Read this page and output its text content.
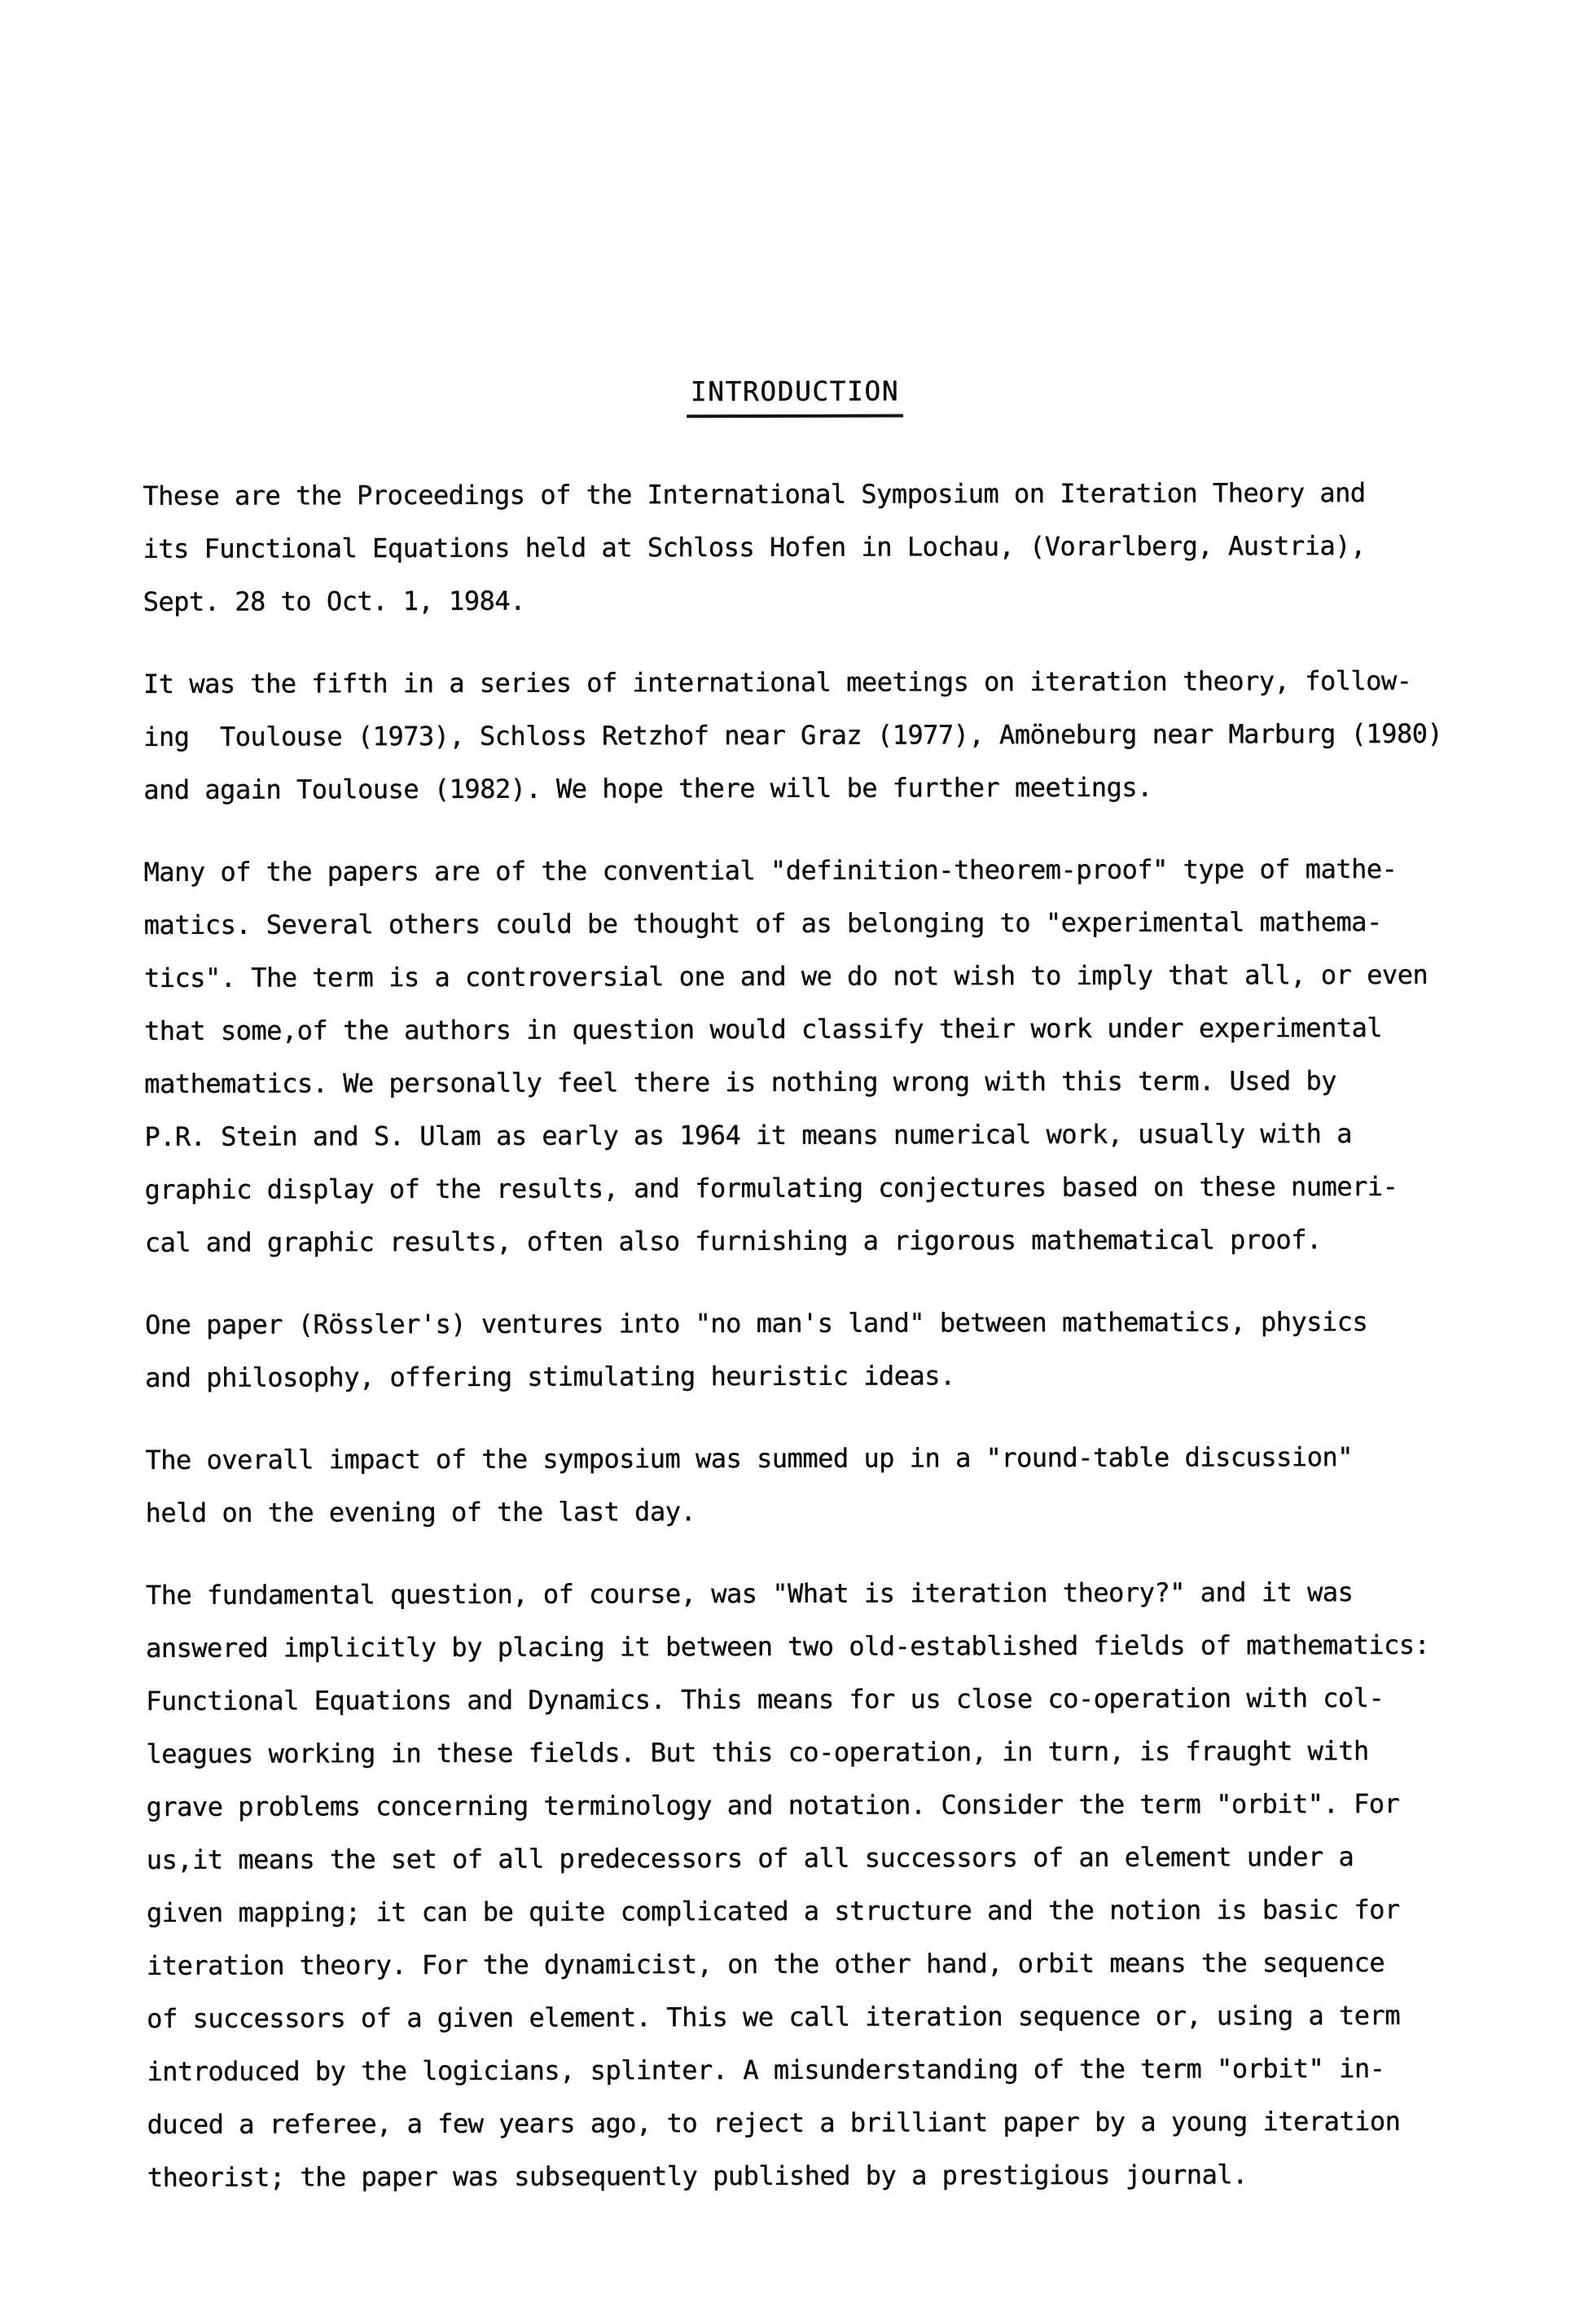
INTRODUCTION

These are the Proceedings of the International Symposium on Iteration Theory and
its Functional Equations held at Schloss Hofen in Lochau, (Vorarlberg, Austria),
Sept. 28 to Oct. 1, 1984.

It was the fifth in a series of international meetings on iteration theory, follow-
ing  Toulouse (1973), Schloss Retzhof near Graz (1977), Amöneburg near Marburg (1980)
and again Toulouse (1982). We hope there will be further meetings.

Many of the papers are of the convential "definition-theorem-proof" type of mathe-
matics. Several others could be thought of as belonging to "experimental mathema-
tics". The term is a controversial one and we do not wish to imply that all, or even
that some,of the authors in question would classify their work under experimental
mathematics. We personally feel there is nothing wrong with this term. Used by
P.R. Stein and S. Ulam as early as 1964 it means numerical work, usually with a
graphic display of the results, and formulating conjectures based on these numeri-
cal and graphic results, often also furnishing a rigorous mathematical proof.

One paper (Rössler's) ventures into "no man's land" between mathematics, physics
and philosophy, offering stimulating heuristic ideas.

The overall impact of the symposium was summed up in a "round-table discussion"
held on the evening of the last day.

The fundamental question, of course, was "What is iteration theory?" and it was
answered implicitly by placing it between two old-established fields of mathematics:
Functional Equations and Dynamics. This means for us close co-operation with col-
leagues working in these fields. But this co-operation, in turn, is fraught with
grave problems concerning terminology and notation. Consider the term "orbit". For
us,it means the set of all predecessors of all successors of an element under a
given mapping; it can be quite complicated a structure and the notion is basic for
iteration theory. For the dynamicist, on the other hand, orbit means the sequence
of successors of a given element. This we call iteration sequence or, using a term
introduced by the logicians, splinter. A misunderstanding of the term "orbit" in-
duced a referee, a few years ago, to reject a brilliant paper by a young iteration
theorist; the paper was subsequently published by a prestigious journal.
